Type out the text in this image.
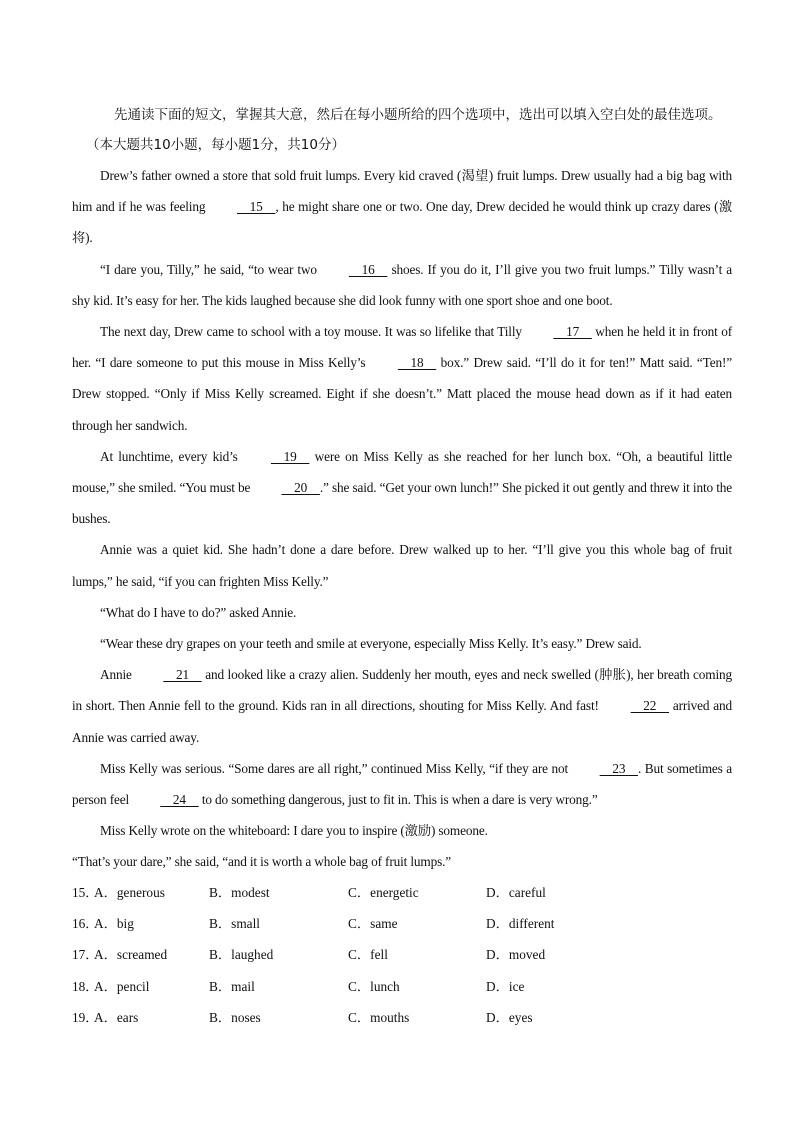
先通读下面的短文，掌握其大意，然后在每小题所给的四个选项中，选出可以填入空白处的最佳选项。（本大题共10小题，每小题1分，共10分）

Drew’s father owned a store that sold fruit lumps. Every kid craved (渴望) fruit lumps. Drew usually had a big bag with him and if he was feeling     15    , he might share one or two. One day, Drew decided he would think up crazy dares (激将).

“I dare you, Tilly,” he said, “to wear two     16     shoes. If you do it, I’ll give you two fruit lumps.” Tilly wasn’t a shy kid. It’s easy for her. The kids laughed because she did look funny with one sport shoe and one boot.

The next day, Drew came to school with a toy mouse. It was so lifelike that Tilly     17     when he held it in front of her. “I dare someone to put this mouse in Miss Kelly’s     18     box.” Drew said. “I’ll do it for ten!” Matt said. “Ten!” Drew stopped. “Only if Miss Kelly screamed. Eight if she doesn’t.” Matt placed the mouse head down as if it had eaten through her sandwich.

At lunchtime, every kid’s     19     were on Miss Kelly as she reached for her lunch box. “Oh, a beautiful little mouse,” she smiled. “You must be     20    .” she said. “Get your own lunch!” She picked it out gently and threw it into the bushes.

Annie was a quiet kid. She hadn’t done a dare before. Drew walked up to her. “I’ll give you this whole bag of fruit lumps,” he said, “if you can frighten Miss Kelly.”

“What do I have to do?” asked Annie.

“Wear these dry grapes on your teeth and smile at everyone, especially Miss Kelly. It’s easy.” Drew said.

Annie     21     and looked like a crazy alien. Suddenly her mouth, eyes and neck swelled (肿胀), her breath coming in short. Then Annie fell to the ground. Kids ran in all directions, shouting for Miss Kelly. And fast!     22     arrived and Annie was carried away.

Miss Kelly was serious. “Some dares are all right,” continued Miss Kelly, “if they are not     23    . But sometimes a person feel     24     to do something dangerous, just to fit in. This is when a dare is very wrong.”

Miss Kelly wrote on the whiteboard: I dare you to inspire (激励) someone.

“That’s your dare,” she said, “and it is worth a whole bag of fruit lumps.”

15．
A．generous	B．modest	C．energetic	D．careful
16．
A．big	B．small	C．same	D．different
17．
A．screamed	B．laughed	C．fell	D．moved
18．
A．pencil	B．mail	C．lunch	D．ice
19．
A．ears	B．noses	C．mouths	D．eyes
